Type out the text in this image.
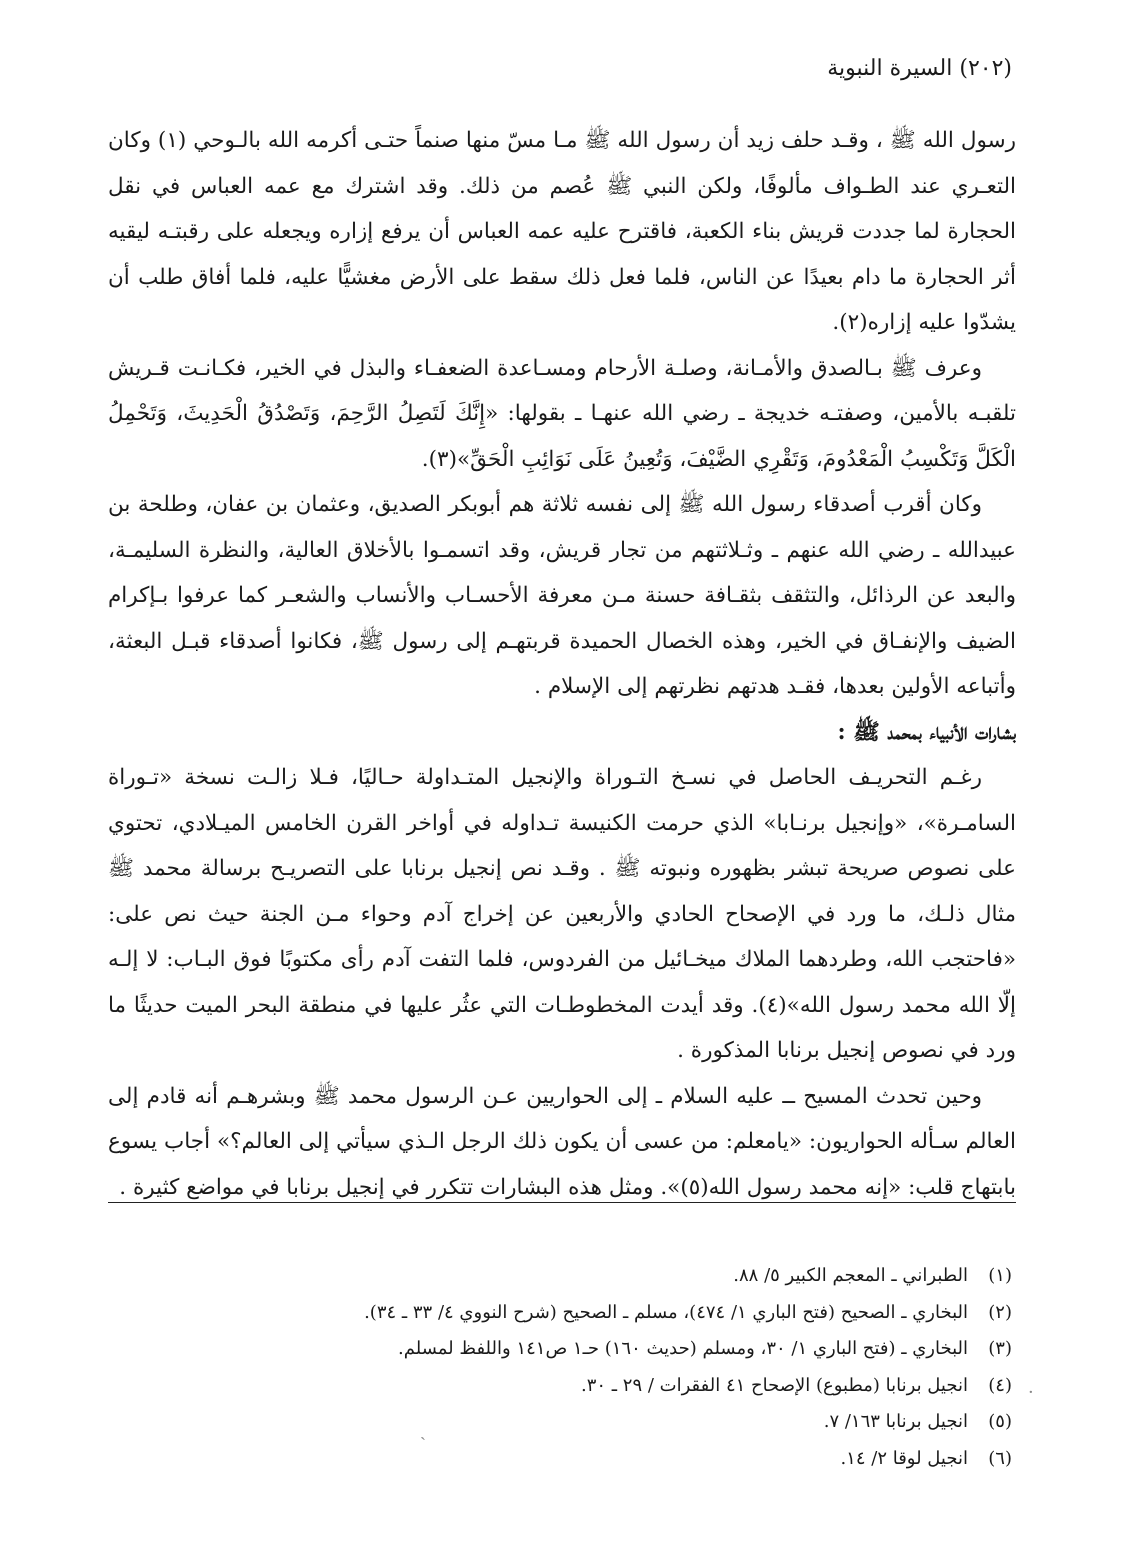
(٢٠٢) السيرة النبوية

رسول الله ﷺ ، وقـد حلف زيد أن رسول الله ﷺ مـا مسّ منها صنماً حتـى أكرمه الله بالـوحي (١) وكان التعـري عند الطـواف مألوفًا، ولكن النبي ﷺ عُصم من ذلك. وقد اشترك مع عمه العباس في نقل الحجارة لما جددت قريش بناء الكعبة، فاقترح عليه عمه العباس أن يرفع إزاره ويجعله على رقبتـه ليقيه أثر الحجارة ما دام بعيدًا عن الناس، فلما فعل ذلك سقط على الأرض مغشيًّا عليه، فلما أفاق طلب أن يشدّوا عليه إزاره(٢).

وعرف ﷺ بـالصدق والأمـانة، وصلـة الأرحام ومسـاعدة الضعفـاء والبذل في الخير، فكـانـت قـريش تلقبـه بالأمين، وصفتـه خديجة ـ رضي الله عنهـا ـ بقولها: «إِنَّكَ لَتَصِلُ الرَّحِمَ، وَتَصْدُقُ الْحَدِيثَ، وَتَحْمِلُ الْكَلَّ وَتَكْسِبُ الْمَعْدُومَ، وَتَقْرِي الضَّيْفَ، وَتُعِينُ عَلَى نَوَائِبِ الْحَقِّ»(٣).

وكان أقرب أصدقاء رسول الله ﷺ إلى نفسه ثلاثة هم أبوبكر الصديق، وعثمان بن عفان، وطلحة بن عبيدالله ـ رضي الله عنهم ـ وثـلاثتهم من تجار قريش، وقد اتسمـوا بالأخلاق العالية، والنظرة السليمـة، والبعد عن الرذائل، والتثقف بثقـافة حسنة مـن معرفة الأحسـاب والأنساب والشعـر كما عرفوا بـإكرام الضيف والإنفـاق في الخير، وهذه الخصال الحميدة قربتهـم إلى رسول ﷺ، فكانوا أصدقاء قبـل البعثة، وأتباعه الأولين بعدها، فقـد هدتهم نظرتهم إلى الإسلام .

بشارات الأنبياء بمحمد ﷺ :

رغـم التحريـف الحاصل في نسـخ التـوراة والإنجيل المتـداولة حـاليًا، فـلا زالـت نسخة «تـوراة السامـرة»، «وإنجيل برنـابا» الذي حرمت الكنيسة تـداوله في أواخر القرن الخامس الميـلادي، تحتوي على نصوص صريحة تبشر بظهوره ونبوته ﷺ . وقـد نص إنجيل برنابا على التصريـح برسالة محمد ﷺ مثال ذلـك، ما ورد في الإصحاح الحادي والأربعين عن إخراج آدم وحواء مـن الجنة حيث نص على: «فاحتجب الله، وطردهما الملاك ميخـائيل من الفردوس، فلما التفت آدم رأى مكتوبًا فوق البـاب: لا إلـه إلّا الله محمد رسول الله»(٤). وقد أيدت المخطوطـات التي عثُر عليها في منطقة البحر الميت حديثًا ما ورد في نصوص إنجيل برنابا المذكورة .

وحين تحدث المسيح ــ عليه السلام ـ إلى الحواريين عـن الرسول محمد ﷺ وبشرهـم أنه قادم إلى العالم سـأله الحواريون: «يامعلم: من عسى أن يكون ذلك الرجل الـذي سيأتي إلى العالم؟» أجاب يسوع بابتهاج قلب: «إنه محمد رسول الله(٥)». ومثل هذه البشارات تتكرر في إنجيل برنابا في مواضع كثيرة .

(١)الطبراني ـ المعجم الكبير ٥/ ٨٨.
(٢)البخاري ـ الصحيح (فتح الباري ١/ ٤٧٤)، مسلم ـ الصحيح (شرح النووي ٤/ ٣٣ ـ ٣٤).
(٣)البخاري ـ (فتح الباري ١/ ٣٠، ومسلم (حديث ١٦٠) حـ١ ص١٤١ واللفظ لمسلم.
(٤)انجيل برنابا (مطبوع) الإصحاح ٤١ الفقرات / ٢٩ ـ ٣٠.
(٥)انجيل برنابا ١٦٣/ ٧.
(٦)انجيل لوقا ٢/ ١٤.
·
ˏ
